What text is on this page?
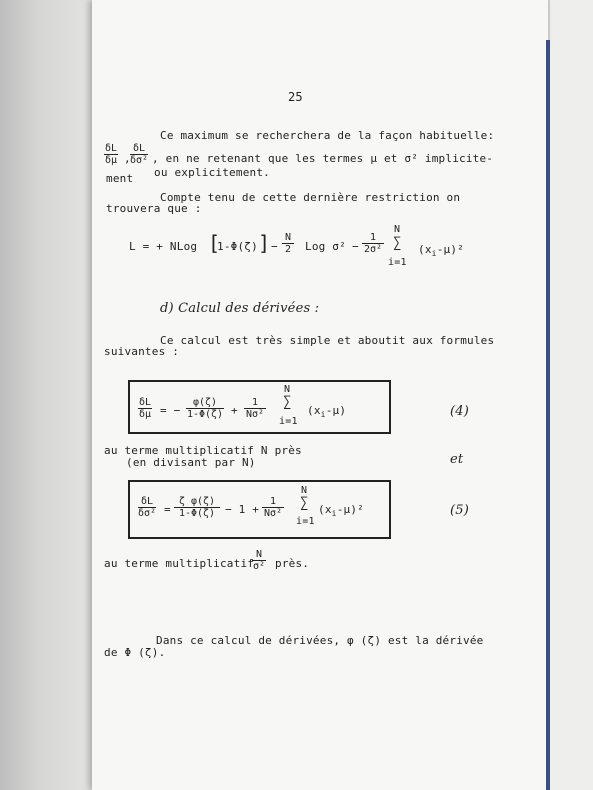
25
Ce maximum se recherchera de la façon habituelle:
$\frac{\delta L}{\delta\mu}$ , $\frac{\delta L}{\text{δσ²}}$ , en ne retenant que les termes μ et σ² implicite-
ment ou explicitement.
Compte tenu de cette dernière restriction on
trouvera que :
L = + NLog [
1-Φ(ζ) ] − $\frac{N}{2}$ Log $\sigma^2 - \frac{1}{\text{2σ²}}$
N
∑
i=1
$(x_i-\mu)^2$
d) Calcul des dérivées :
Ce calcul est très simple et aboutit aux formules
suivantes :
$\frac{\delta L}{\delta\mu}$ = − $\frac{\varphi(\zeta)}{1-\Phi(\zeta)} + \frac{1}{\text{Nσ²}}$
N
∑
i=1
$(x_i-\mu)$	(4)
au terme multiplicatif N près
(en divisant par N)	et
$\frac{\delta L}{\text{δσ²}} = \frac{\text{ζ φ(ζ)}}{1-\Phi(\zeta)} - 1 + \frac{1}{\text{Nσ²}}$
N
∑
i=1
$(x_i-\mu)^2$	(5)
au terme multiplicatif
$\frac{N}{\text{σ²}}$ près.
Dans ce calcul de dérivées, φ (ζ) est la dérivée
de Φ (ζ).
